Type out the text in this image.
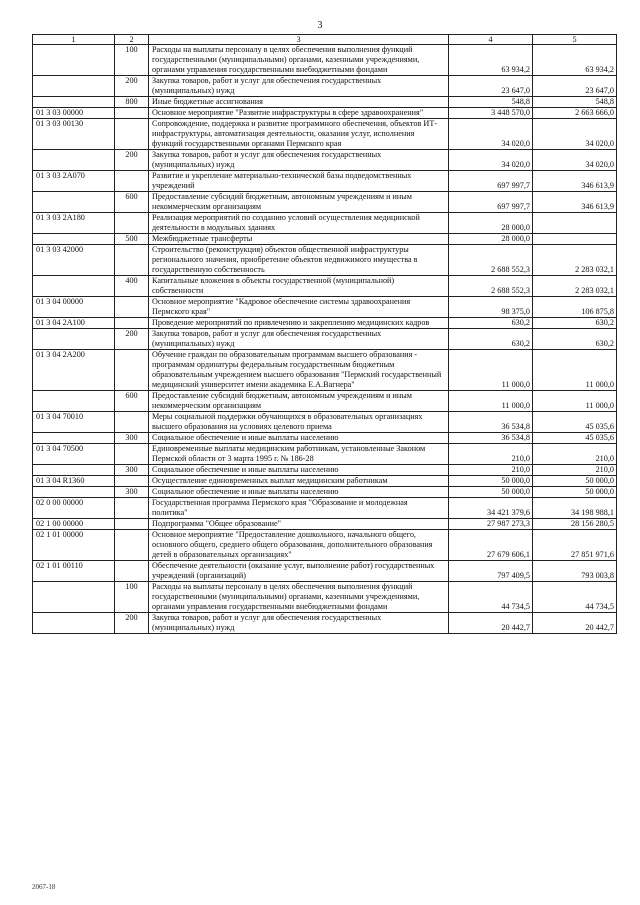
3
1	2	3	4	5
	100	Расходы на выплаты персоналу в целях обеспечения выполнения функций государственными (муниципальными) органами, казенными учреждениями, органами управления государственными внебюджетными фондами	63 934,2	63 934,2
	200	Закупка товаров, работ и услуг для обеспечения государственных (муниципальных) нужд	23 647,0	23 647,0
	800	Иные бюджетные ассигнования	548,8	548,8
01 3 03 00000		Основное мероприятие "Развитие инфраструктуры в сфере здравоохранения"	3 448 570,0	2 663 666,0
01 3 03 00130		Сопровождение, поддержка и развитие программного обеспечения, объектов ИТ-инфраструктуры, автоматизация деятельности, оказания услуг, исполнения функций государственными органами Пермского края	34 020,0	34 020,0
	200	Закупка товаров, работ и услуг для обеспечения государственных (муниципальных) нужд	34 020,0	34 020,0
01 3 03 2A070		Развитие и укрепление материально-технической базы подведомственных учреждений	697 997,7	346 613,9
	600	Предоставление субсидий бюджетным, автономным учреждениям и иным некоммерческим организациям	697 997,7	346 613,9
01 3 03 2A180		Реализация мероприятий по созданию условий осуществления медицинской деятельности в модульных зданиях	28 000,0	
	500	Межбюджетные трансферты	28 000,0	
01 3 03 42000		Строительство (реконструкция) объектов общественной инфраструктуры регионального значения, приобретение объектов недвижимого имущества в государственную собственность	2 688 552,3	2 283 032,1
	400	Капитальные вложения в объекты государственной (муниципальной) собственности	2 688 552,3	2 283 032,1
01 3 04 00000		Основное мероприятие "Кадровое обеспечение системы здравоохранения Пермского края"	98 375,0	106 875,8
01 3 04 2A100		Проведение мероприятий по привлечению и закреплению медицинских кадров	630,2	630,2
	200	Закупка товаров, работ и услуг для обеспечения государственных (муниципальных) нужд	630,2	630,2
01 3 04 2A200		Обучение граждан по образовательным программам высшего образования - программам ординатуры федеральным государственным бюджетным образовательным учреждением высшего образования "Пермский государственный медицинский университет имени академика Е.А.Вагнера"	11 000,0	11 000,0
	600	Предоставление субсидий бюджетным, автономным учреждениям и иным некоммерческим организациям	11 000,0	11 000,0
01 3 04 70010		Меры социальной поддержки обучающихся в образовательных организациях высшего образования на условиях целевого приема	36 534,8	45 035,6
	300	Социальное обеспечение и иные выплаты населению	36 534,8	45 035,6
01 3 04 70500		Единовременные выплаты медицинским работникам, установленные Законом Пермской области от 3 марта 1995 г. № 186-28	210,0	210,0
	300	Социальное обеспечение и иные выплаты населению	210,0	210,0
01 3 04 R1360		Осуществление единовременных выплат медицинским работникам	50 000,0	50 000,0
	300	Социальное обеспечение и иные выплаты населению	50 000,0	50 000,0
02 0 00 00000		Государственная программа Пермского края "Образование и молодежная политика"	34 421 379,6	34 198 988,1
02 1 00 00000		Подпрограмма "Общее образование"	27 987 273,3	28 156 280,5
02 1 01 00000		Основное мероприятие "Предоставление дошкольного, начального общего, основного общего, среднего общего образования, дополнительного образования детей в образовательных организациях"	27 679 606,1	27 851 971,6
02 1 01 00110		Обеспечение деятельности (оказание услуг, выполнение работ) государственных учреждений (организаций)	797 409,5	793 003,8
	100	Расходы на выплаты персоналу в целях обеспечения выполнения функций государственными (муниципальными) органами, казенными учреждениями, органами управления государственными внебюджетными фондами	44 734,5	44 734,5
	200	Закупка товаров, работ и услуг для обеспечения государственных (муниципальных) нужд	20 442,7	20 442,7
2067-18
